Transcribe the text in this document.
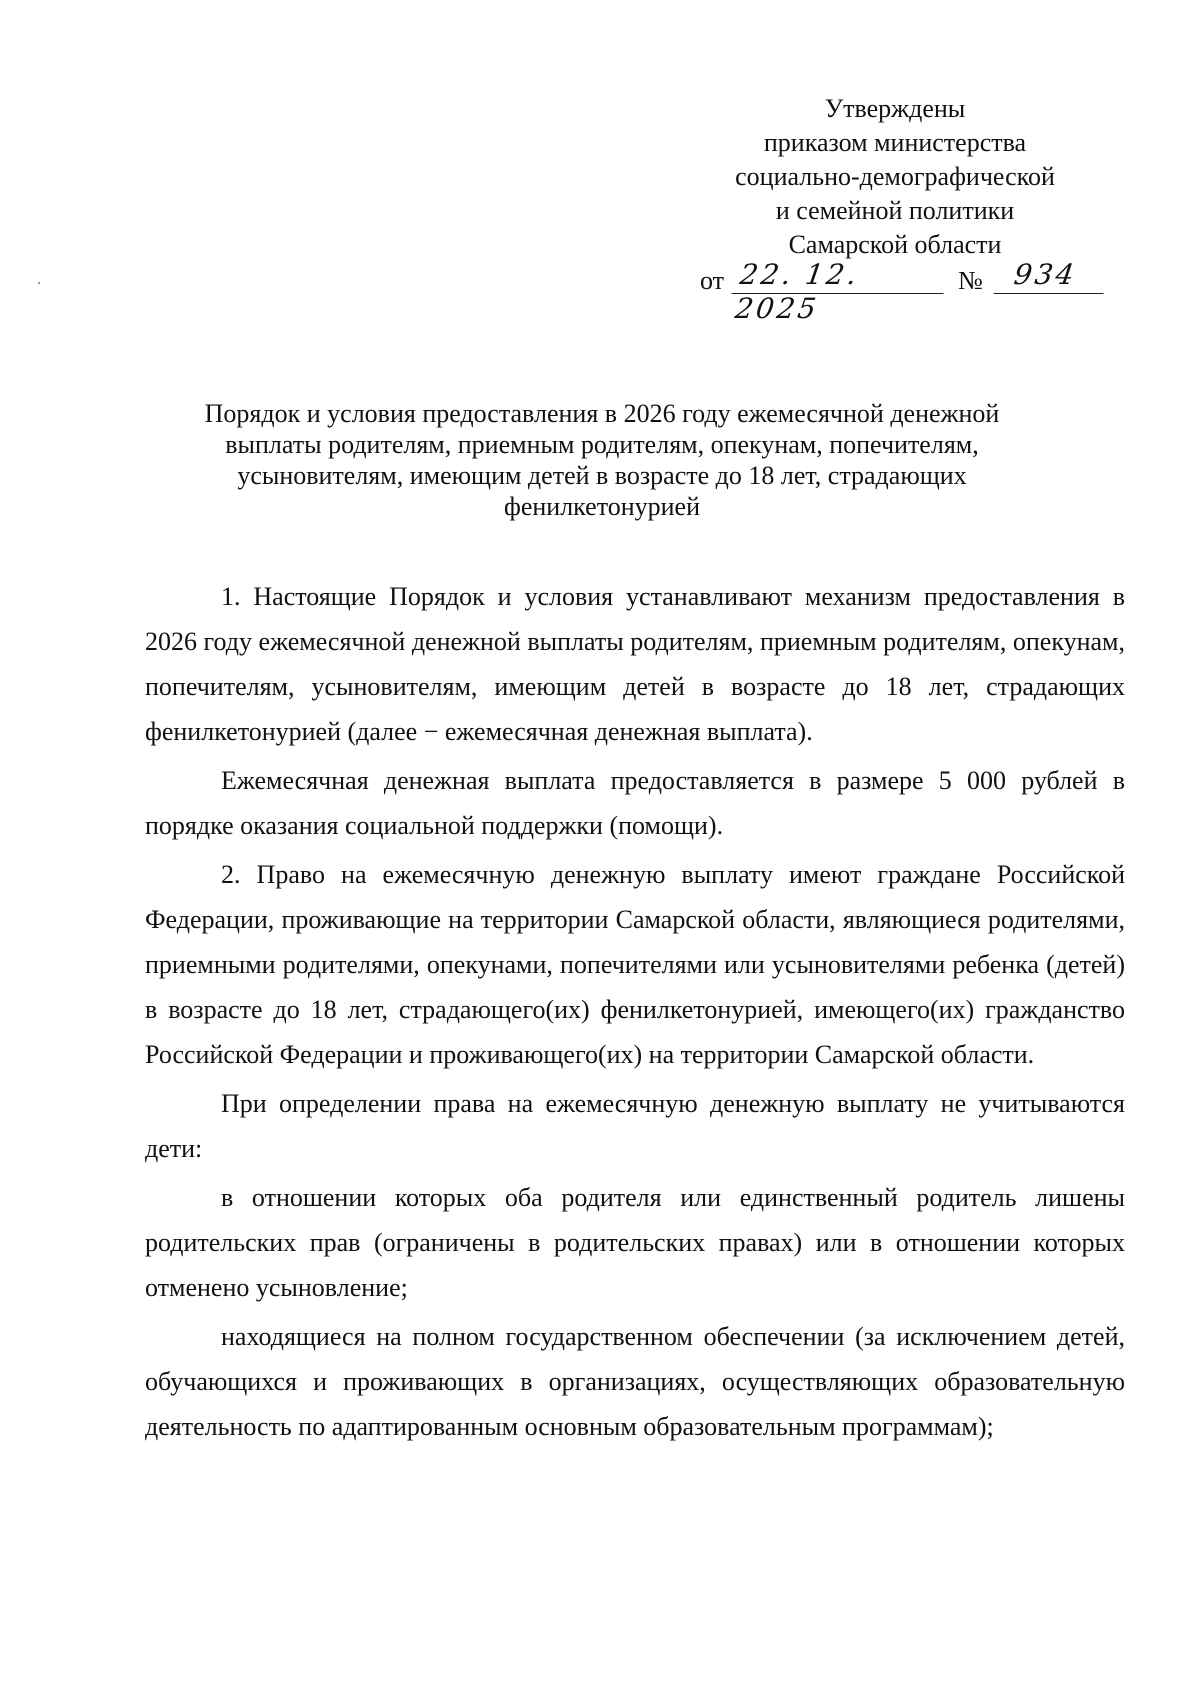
Утверждены
приказом министерства
социально-демографической
и семейной политики
Самарской области
от 22. 12. 2025
№	934
Порядок и условия предоставления в 2026 году ежемесячной денежной выплаты родителям, приемным родителям, опекунам, попечителям, усыновителям, имеющим детей в возрасте до 18 лет, страдающих фенилкетонурией

1. Настоящие Порядок и условия устанавливают механизм предоставления в 2026 году ежемесячной денежной выплаты родителям, приемным родителям, опекунам, попечителям, усыновителям, имеющим детей в возрасте до 18 лет, страдающих фенилкетонурией (далее − ежемесячная денежная выплата).

Ежемесячная денежная выплата предоставляется в размере 5 000 рублей в порядке оказания социальной поддержки (помощи).

2. Право на ежемесячную денежную выплату имеют граждане Российской Федерации, проживающие на территории Самарской области, являющиеся родителями, приемными родителями, опекунами, попечителями или усыновителями ребенка (детей) в возрасте до 18 лет, страдающего(их) фенилкетонурией, имеющего(их) гражданство Российской Федерации и проживающего(их) на территории Самарской области.

При определении права на ежемесячную денежную выплату не учитываются дети:

в отношении которых оба родителя или единственный родитель лишены родительских прав (ограничены в родительских правах) или в отношении которых отменено усыновление;

находящиеся на полном государственном обеспечении (за исключением детей, обучающихся и проживающих в организациях, осуществляющих образовательную деятельность по адаптированным основным образовательным программам);
